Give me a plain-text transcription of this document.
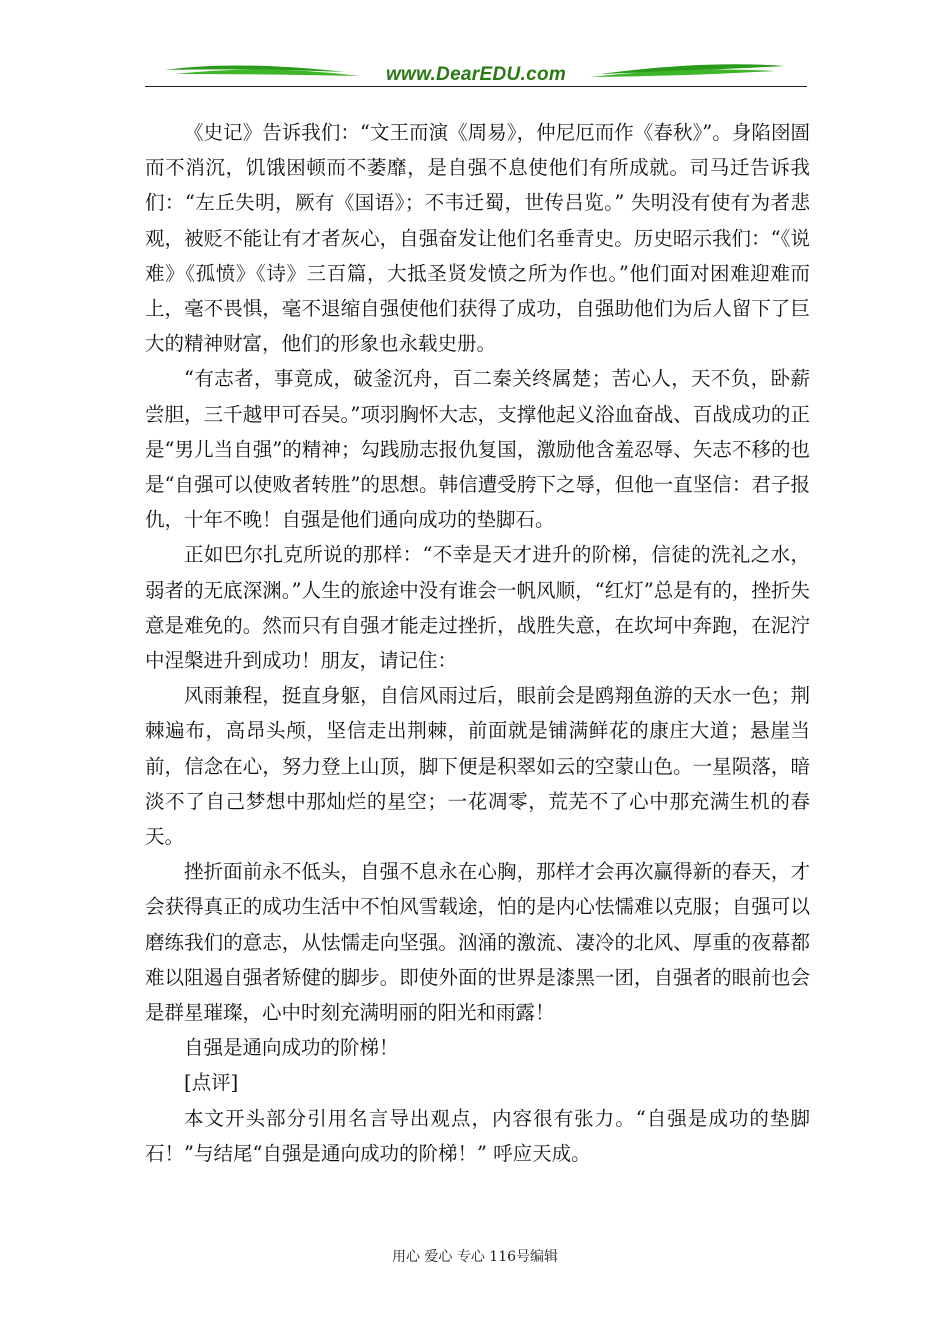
www.DearEDU.com

《史记》告诉我们：“文王而演《周易》，仲尼厄而作《春秋》”。身陷囹圄而不消沉，饥饿困顿而不萎靡，是自强不息使他们有所成就。司马迁告诉我们：“左丘失明，厥有《国语》；不韦迁蜀，世传吕览。” 失明没有使有为者悲观，被贬不能让有才者灰心，自强奋发让他们名垂青史。历史昭示我们：“《说难》《孤愤》《诗》三百篇，大抵圣贤发愤之所为作也。”他们面对困难迎难而上，毫不畏惧，毫不退缩自强使他们获得了成功，自强助他们为后人留下了巨大的精神财富，他们的形象也永载史册。

“有志者，事竟成，破釜沉舟，百二秦关终属楚；苦心人，天不负，卧薪尝胆，三千越甲可吞吴。”项羽胸怀大志，支撑他起义浴血奋战、百战成功的正是“男儿当自强”的精神；勾践励志报仇复国，激励他含羞忍辱、矢志不移的也是“自强可以使败者转胜”的思想。韩信遭受胯下之辱，但他一直坚信：君子报仇，十年不晚！自强是他们通向成功的垫脚石。

正如巴尔扎克所说的那样：“不幸是天才进升的阶梯，信徒的洗礼之水，弱者的无底深渊。”人生的旅途中没有谁会一帆风顺，“红灯”总是有的，挫折失意是难免的。然而只有自强才能走过挫折，战胜失意，在坎坷中奔跑，在泥泞中涅槃进升到成功！朋友，请记住：

风雨兼程，挺直身躯，自信风雨过后，眼前会是鸥翔鱼游的天水一色；荆棘遍布，高昂头颅，坚信走出荆棘，前面就是铺满鲜花的康庄大道；悬崖当前，信念在心，努力登上山顶，脚下便是积翠如云的空蒙山色。一星陨落，暗淡不了自己梦想中那灿烂的星空；一花凋零，荒芜不了心中那充满生机的春天。

挫折面前永不低头，自强不息永在心胸，那样才会再次赢得新的春天，才会获得真正的成功生活中不怕风雪载途，怕的是内心怯懦难以克服；自强可以磨练我们的意志，从怯懦走向坚强。汹涌的激流、凄冷的北风、厚重的夜幕都难以阻遏自强者矫健的脚步。即使外面的世界是漆黑一团，自强者的眼前也会是群星璀璨，心中时刻充满明丽的阳光和雨露！

自强是通向成功的阶梯！

[点评]

本文开头部分引用名言导出观点，内容很有张力。“自强是成功的垫脚石！”与结尾“自强是通向成功的阶梯！” 呼应天成。

用心 爱心 专心 116号编辑
